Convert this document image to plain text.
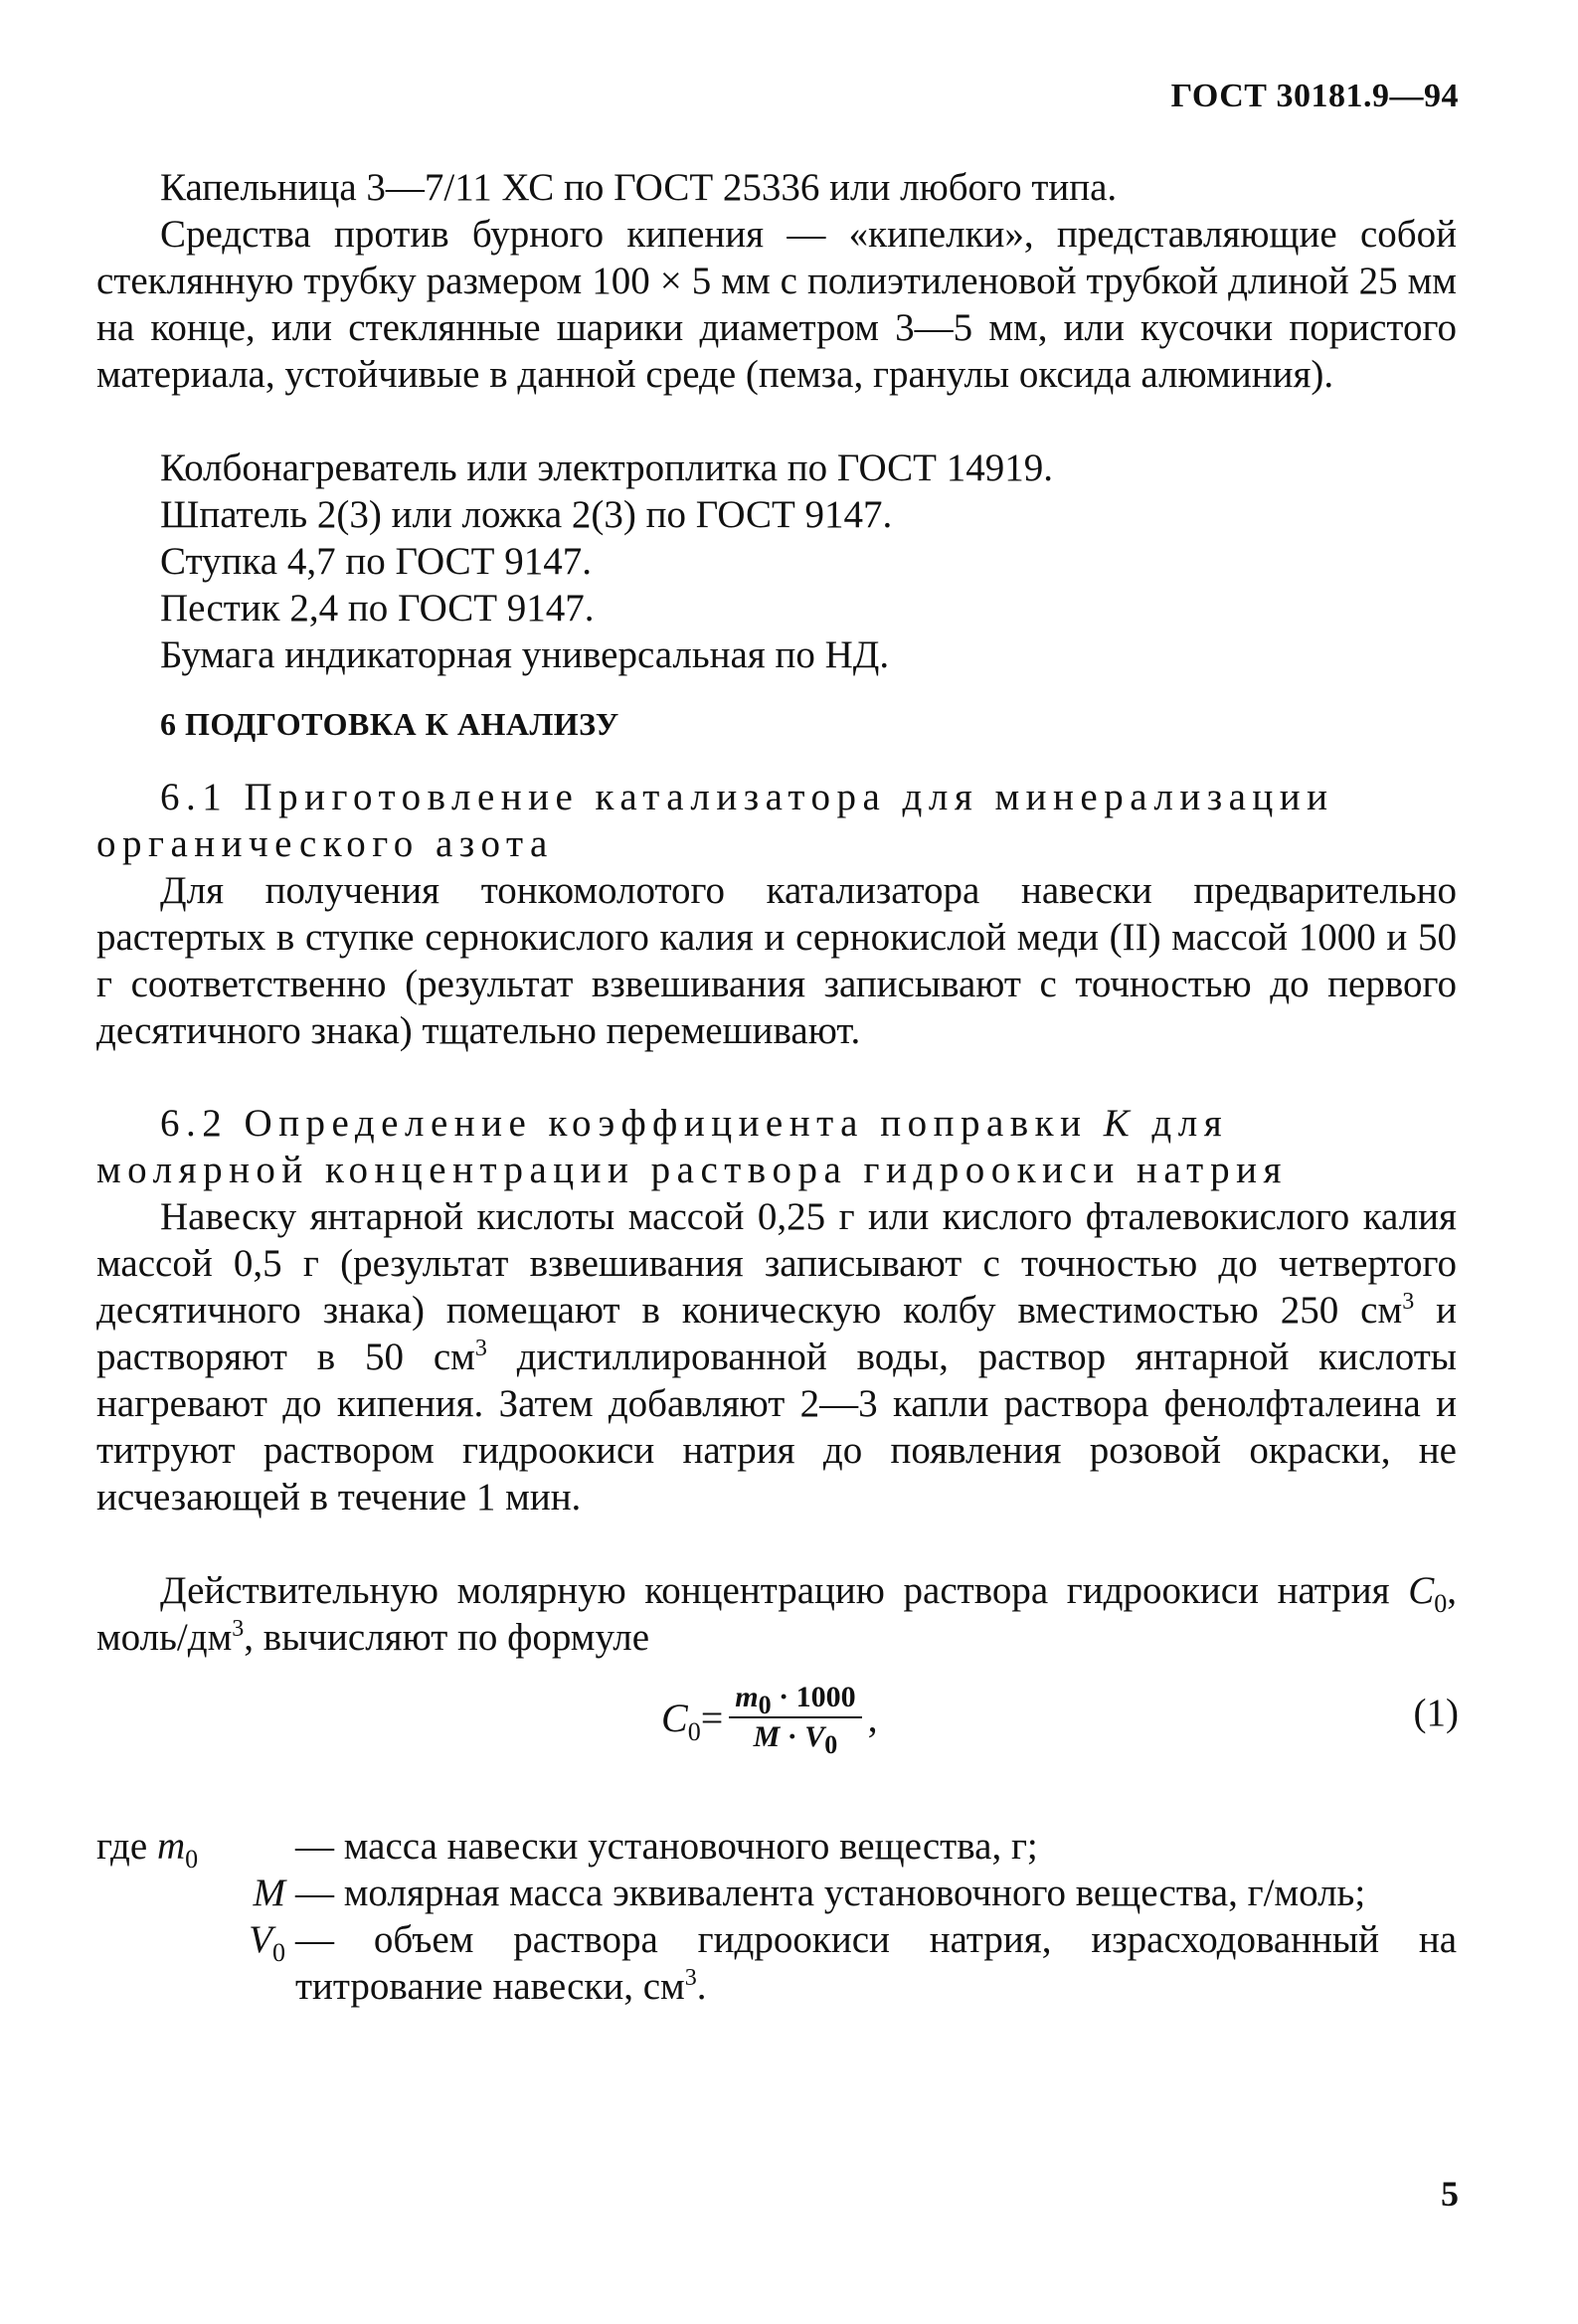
ГОСТ 30181.9—94
Капельница 3—7/11 ХС по ГОСТ 25336 или любого типа.
Средства против бурного кипения — «кипелки», представляющие собой стеклянную трубку размером 100 × 5 мм с полиэтиленовой трубкой длиной 25 мм на конце, или стеклянные шарики диаметром 3—5 мм, или кусочки пористого материала, устойчивые в данной среде (пемза, гранулы оксида алюминия).
Колбонагреватель или электроплитка по ГОСТ 14919.
Шпатель 2(3) или ложка 2(3) по ГОСТ 9147.
Ступка 4,7 по ГОСТ 9147.
Пестик 2,4 по ГОСТ 9147.
Бумага индикаторная универсальная по НД.
6 ПОДГОТОВКА К АНАЛИЗУ
6.1 Приготовление катализатора для минерализации органического азота
Для получения тонкомолотого катализатора навески предварительно растертых в ступке сернокислого калия и сернокислой меди (II) массой 1000 и 50 г соответственно (результат взвешивания записывают с точностью до первого десятичного знака) тщательно перемешивают.
6.2 Определение коэффициента поправки К для молярной концентрации раствора гидроокиси натрия
Навеску янтарной кислоты массой 0,25 г или кислого фталевокислого калия массой 0,5 г (результат взвешивания записывают с точностью до четвертого десятичного знака) помещают в коническую колбу вместимостью 250 $см^3$ и растворяют в 50 $см^3$ дистиллированной воды, раствор янтарной кислоты нагревают до кипения. Затем добавляют 2—3 капли раствора фенолфталеина и титруют раствором гидроокиси натрия до появления розовой окраски, не исчезающей в течение 1 мин.
Действительную молярную концентрацию раствора гидроокиси натрия $C_0$, моль/$дм^3$, вычисляют по формуле
$C_0 = \frac{m_0 \cdot 1000}{M \cdot V_0}$ ,	(1)
где $m_0$	— масса навески установочного вещества, г;
M — молярная масса эквивалента установочного вещества, г/моль;
$V_0$ — объем раствора гидроокиси натрия, израсходованный на титрование навески, $см^3$.
5
